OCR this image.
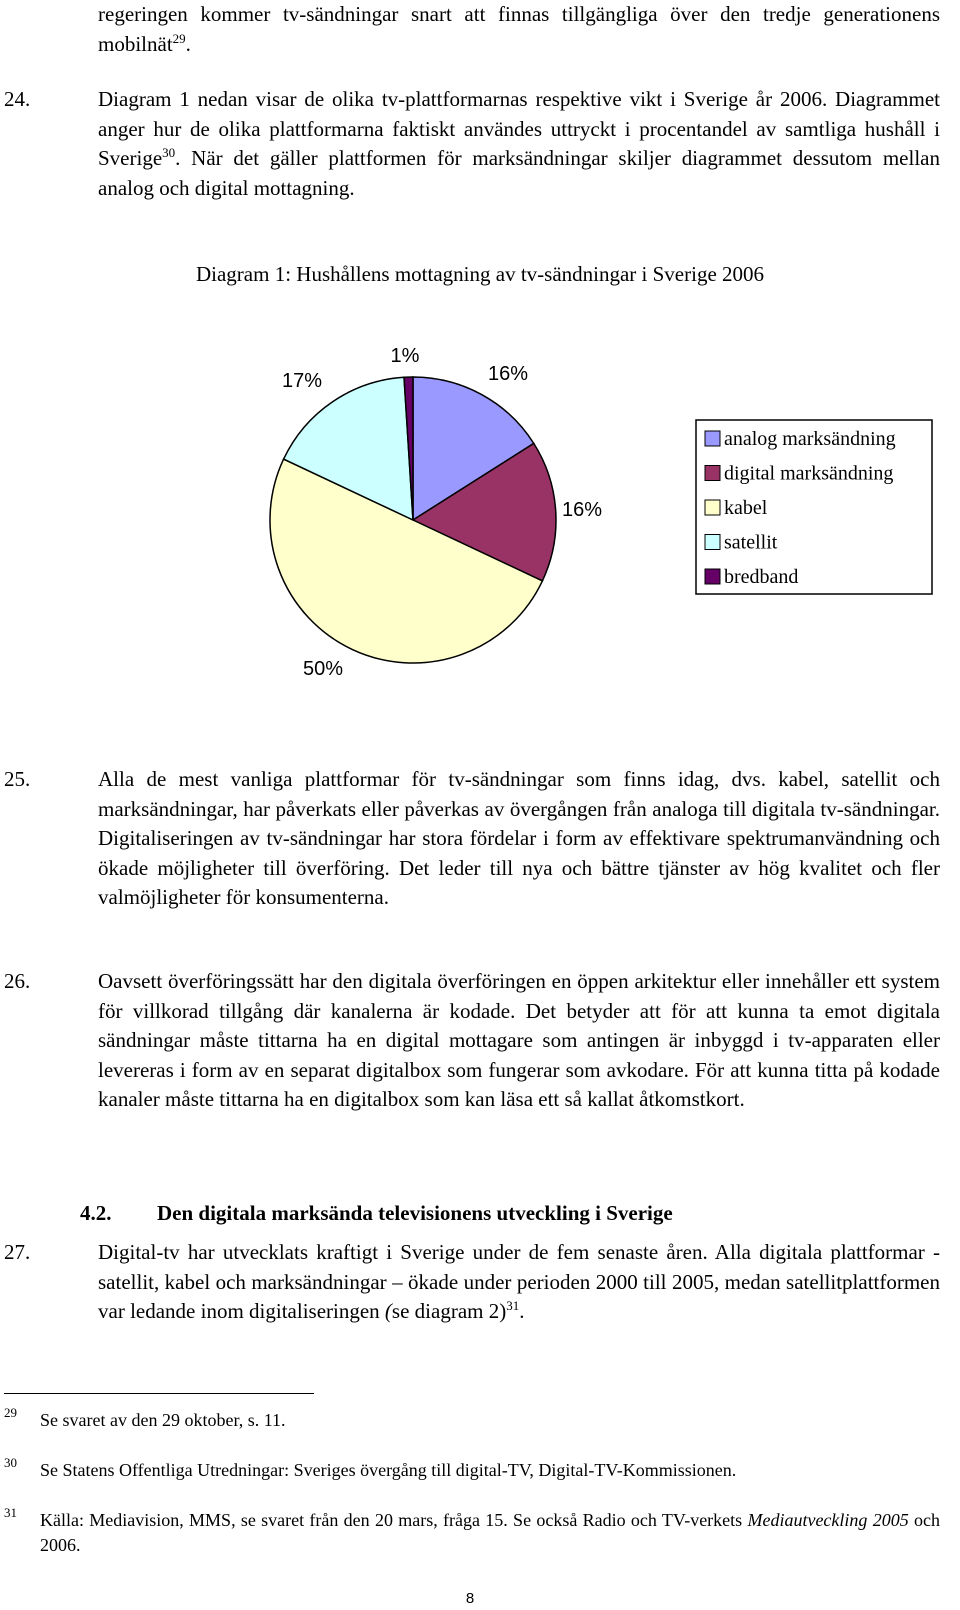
regeringen kommer tv-sändningar snart att finnas tillgängliga över den tredje generationens mobilnät$^{29}$.
24.	Diagram 1 nedan visar de olika tv-plattformarnas respektive vikt i Sverige år 2006. Diagrammet anger hur de olika plattformarna faktiskt användes uttryckt i procentandel av samtliga hushåll i Sverige$^{30}$. När det gäller plattformen för marksändningar skiljer diagrammet dessutom mellan analog och digital mottagning.
Diagram 1: Hushållens mottagning av tv-sändningar i Sverige 2006
16%
16%
50%
17%
1%
analog marksändning
digital marksändning
kabel
satellit
bredband
25.	Alla de mest vanliga plattformar för tv-sändningar som finns idag, dvs. kabel, satellit och marksändningar, har påverkats eller påverkas av övergången från analoga till digitala tv-sändningar. Digitaliseringen av tv-sändningar har stora fördelar i form av effektivare spektrumanvändning och ökade möjligheter till överföring. Det leder till nya och bättre tjänster av hög kvalitet och fler valmöjligheter för konsumenterna.
26.	Oavsett överföringssätt har den digitala överföringen en öppen arkitektur eller innehåller ett system för villkorad tillgång där kanalerna är kodade. Det betyder att för att kunna ta emot digitala sändningar måste tittarna ha en digital mottagare som antingen är inbyggd i tv-apparaten eller levereras i form av en separat digitalbox som fungerar som avkodare. För att kunna titta på kodade kanaler måste tittarna ha en digitalbox som kan läsa ett så kallat åtkomstkort.
4.2. Den digitala marksända televisionens utveckling i Sverige
27.	Digital-tv har utvecklats kraftigt i Sverige under de fem senaste åren. Alla digitala plattformar - satellit, kabel och marksändningar – ökade under perioden 2000 till 2005, medan satellitplattformen var ledande inom digitaliseringen (se diagram 2)$^{31}$.
29 Se svaret av den 29 oktober, s. 11.
30 Se Statens Offentliga Utredningar: Sveriges övergång till digital-TV, Digital-TV-Kommissionen.
31 Källa: Mediavision, MMS, se svaret från den 20 mars, fråga 15. Se också Radio och TV-verkets Mediautveckling 2005 och 2006.
8
